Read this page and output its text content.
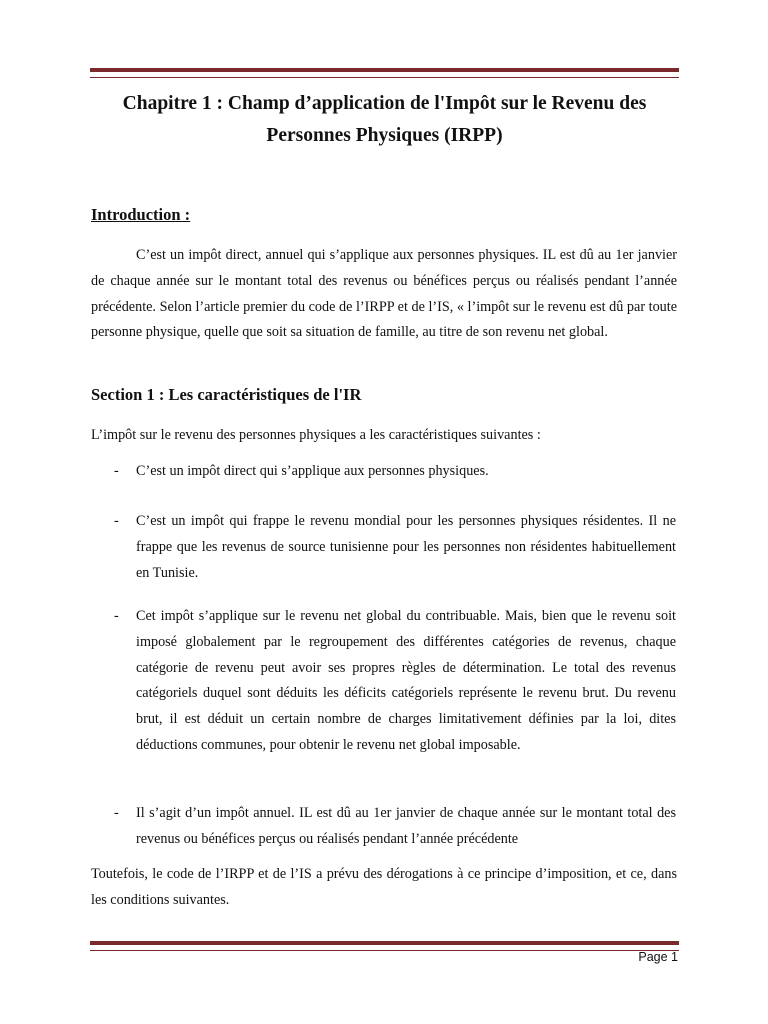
Chapitre 1 : Champ d’application de l'Impôt sur le Revenu des
Personnes Physiques (IRPP)
Introduction :

C’est un impôt direct, annuel qui s’applique aux personnes physiques. IL est dû au 1er janvier de chaque année sur le montant total des revenus ou bénéfices perçus ou réalisés pendant l’année précédente. Selon l’article premier du code de l’IRPP et de l’IS, « l’impôt sur le revenu est dû par toute personne physique, quelle que soit sa situation de famille, au titre de son revenu net global.

Section 1 : Les caractéristiques de l'IR

L’impôt sur le revenu des personnes physiques a les caractéristiques suivantes :

- C’est un impôt direct qui s’applique aux personnes physiques.
- C’est un impôt qui frappe le revenu mondial pour les personnes physiques résidentes. Il ne frappe que les revenus de source tunisienne pour les personnes non résidentes habituellement en Tunisie.
- Cet impôt s’applique sur le revenu net global du contribuable. Mais, bien que le revenu soit imposé globalement par le regroupement des différentes catégories de revenus, chaque catégorie de revenu peut avoir ses propres règles de détermination. Le total des revenus catégoriels duquel sont déduits les déficits catégoriels représente le revenu brut. Du revenu brut, il est déduit un certain nombre de charges limitativement définies par la loi, dites déductions communes, pour obtenir le revenu net global imposable.
- Il s’agit d’un impôt annuel. IL est dû au 1er janvier de chaque année sur le montant total des revenus ou bénéfices perçus ou réalisés pendant l’année précédente

Toutefois, le code de l’IRPP et de l’IS a prévu des dérogations à ce principe d’imposition, et ce, dans les conditions suivantes.

Page 1
